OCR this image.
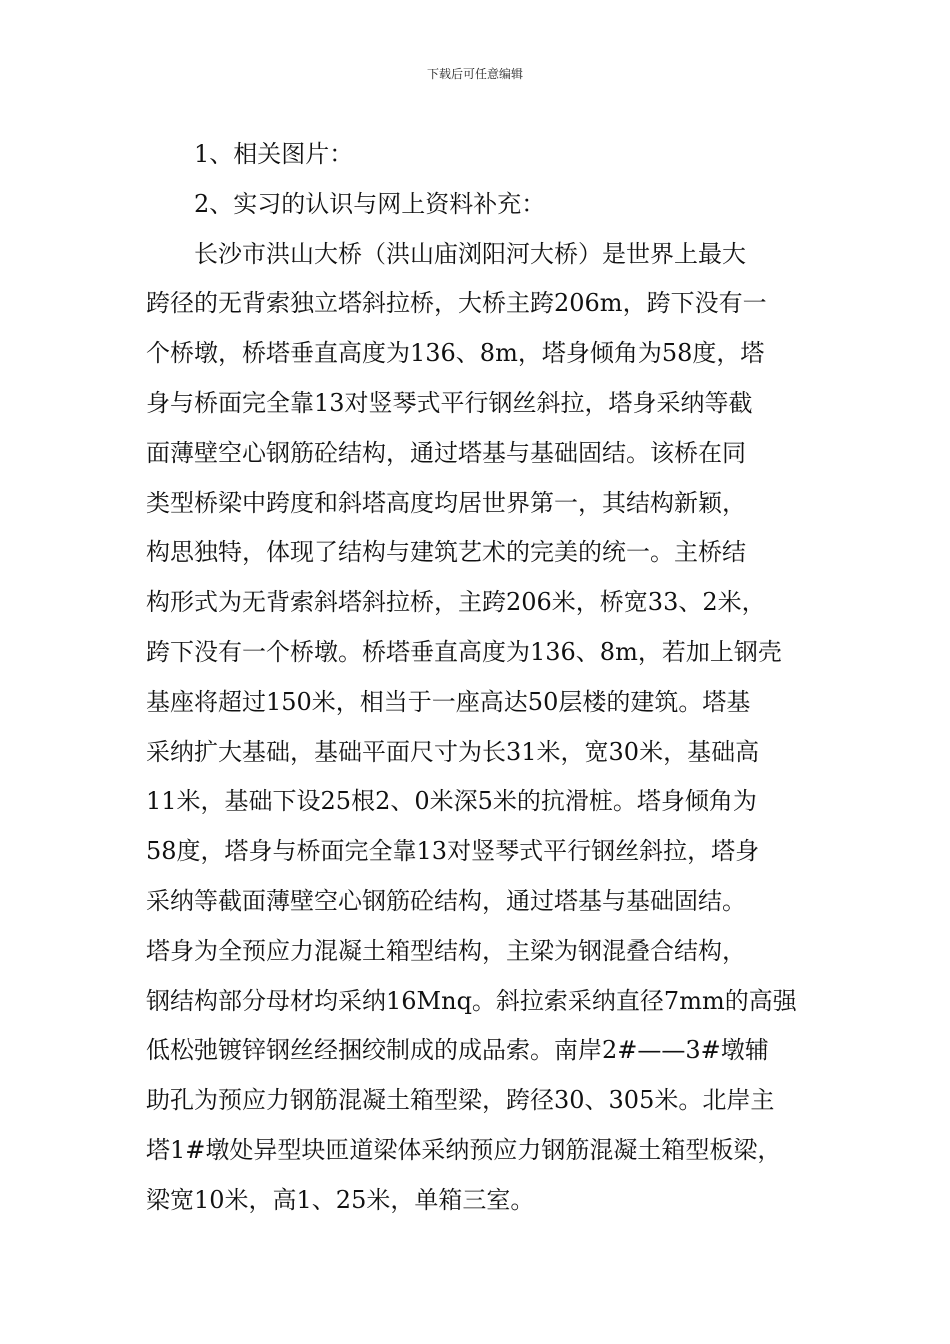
下载后可任意编辑
1、相关图片：
2、实习的认识与网上资料补充：
长沙市洪山大桥（洪山庙浏阳河大桥）是世界上最大
跨径的无背索独立塔斜拉桥，大桥主跨206m，跨下没有一
个桥墩，桥塔垂直高度为136、8m，塔身倾角为58度，塔
身与桥面完全靠13对竖琴式平行钢丝斜拉，塔身采纳等截
面薄壁空心钢筋砼结构，通过塔基与基础固结。该桥在同
类型桥梁中跨度和斜塔高度均居世界第一，其结构新颖，
构思独特，体现了结构与建筑艺术的完美的统一。主桥结
构形式为无背索斜塔斜拉桥，主跨206米，桥宽33、2米，
跨下没有一个桥墩。桥塔垂直高度为136、8m，若加上钢壳
基座将超过150米，相当于一座高达50层楼的建筑。塔基
采纳扩大基础，基础平面尺寸为长31米，宽30米，基础高
11米，基础下设25根2、0米深5米的抗滑桩。塔身倾角为
58度，塔身与桥面完全靠13对竖琴式平行钢丝斜拉，塔身
采纳等截面薄壁空心钢筋砼结构，通过塔基与基础固结。
塔身为全预应力混凝土箱型结构，主梁为钢混叠合结构，
钢结构部分母材均采纳16Mnq。斜拉索采纳直径7mm的高强
低松弛镀锌钢丝经捆绞制成的成品索。南岸2#——3#墩辅
助孔为预应力钢筋混凝土箱型梁，跨径30、305米。北岸主
塔1#墩处异型块匝道梁体采纳预应力钢筋混凝土箱型板梁，
梁宽10米，高1、25米，单箱三室。
